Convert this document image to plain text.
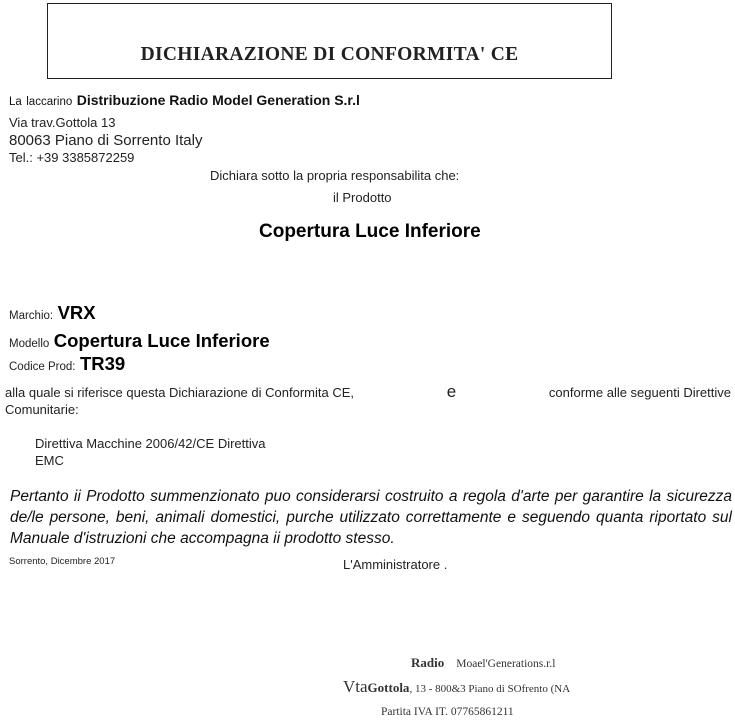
DICHIARAZIONE DI CONFORMITA' CE
La laccarino Distribuzione Radio Model Generation S.r.l
Via trav.Gottola 13
80063 Piano di Sorrento Italy
Tel.: +39 3385872259
Dichiara sotto la propria responsabilita che:
il Prodotto
Copertura Luce Inferiore
Marchio: VRX
Modello Copertura Luce Inferiore
Codice Prod: TR39
alla quale si riferisce questa Dichiarazione di Conformita CE,	e	conforme alle seguenti Direttive
Comunitarie:
Direttiva Macchine 2006/42/CE Direttiva
EMC
Pertanto ii Prodotto summenzionato puo considerarsi costruito a regola d'arte per garantire la sicurezza de/le persone, beni, animali domestici, purche utilizzato correttamente e seguendo quanta riportato sul Manuale d'istruzioni che accompagna ii prodotto stesso.
Sorrento, Dicembre 2017	L'Amministratore .
Radio Moael'Generations.r.l
VtaGottola, 13 - 800&3 Piano di SOfrento (NA
Partita IVA IT. 07765861211
